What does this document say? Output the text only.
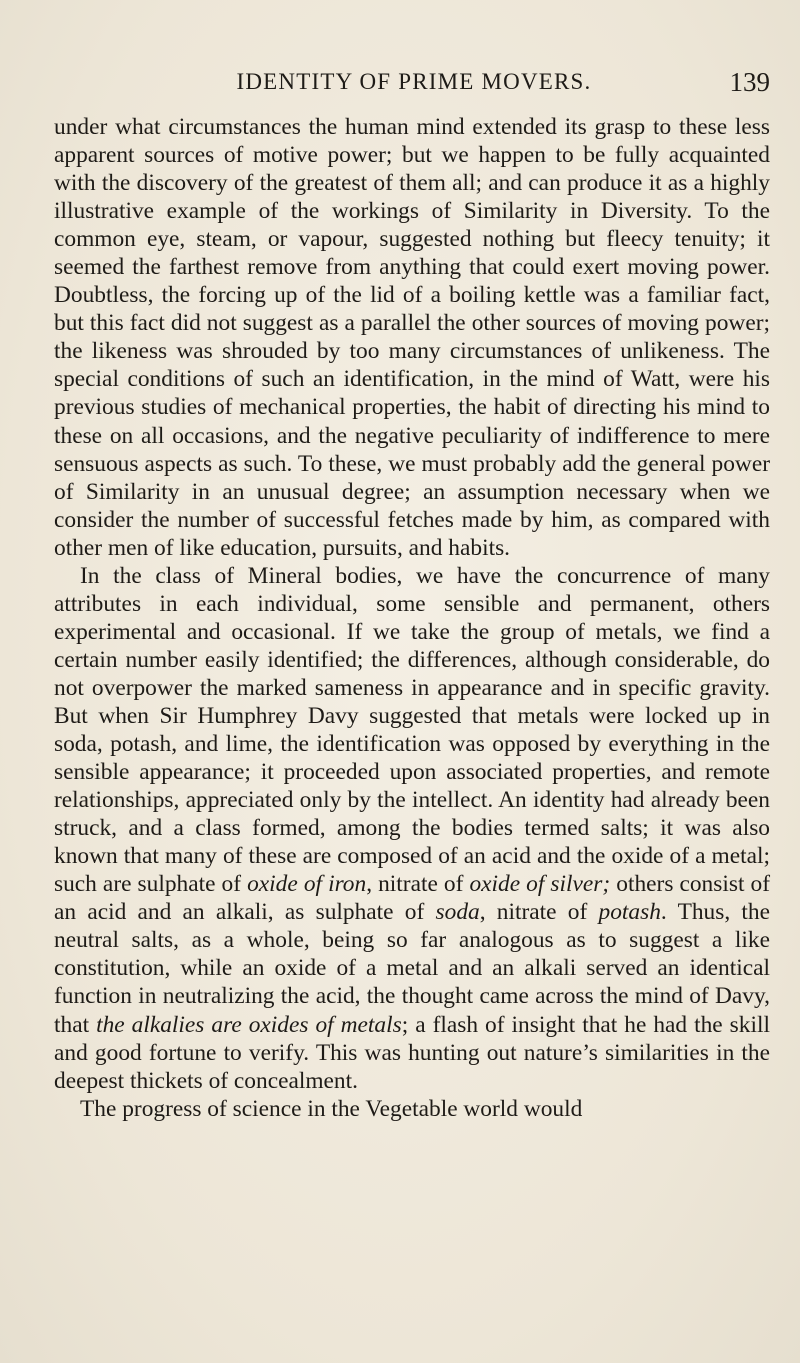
IDENTITY OF PRIME MOVERS.	139

under what circumstances the human mind extended its grasp to these less apparent sources of motive power; but we happen to be fully acquainted with the discovery of the greatest of them all; and can produce it as a highly illustrative example of the workings of Similarity in Diversity. To the common eye, steam, or vapour, suggested nothing but fleecy tenuity; it seemed the farthest remove from anything that could exert moving power. Doubtless, the forcing up of the lid of a boiling kettle was a familiar fact, but this fact did not suggest as a parallel the other sources of moving power; the likeness was shrouded by too many circumstances of unlikeness. The special conditions of such an identification, in the mind of Watt, were his previous studies of mechanical properties, the habit of directing his mind to these on all occasions, and the negative peculiarity of indifference to mere sensuous aspects as such. To these, we must probably add the general power of Similarity in an unusual degree; an assumption necessary when we consider the number of successful fetches made by him, as compared with other men of like education, pursuits, and habits.

In the class of Mineral bodies, we have the concurrence of many attributes in each individual, some sensible and permanent, others experimental and occasional. If we take the group of metals, we find a certain number easily identified; the differences, although considerable, do not overpower the marked sameness in appearance and in specific gravity. But when Sir Humphrey Davy suggested that metals were locked up in soda, potash, and lime, the identification was opposed by everything in the sensible appearance; it proceeded upon associated properties, and remote relationships, appreciated only by the intellect. An identity had already been struck, and a class formed, among the bodies termed salts; it was also known that many of these are composed of an acid and the oxide of a metal; such are sulphate of oxide of iron, nitrate of oxide of silver; others consist of an acid and an alkali, as sulphate of soda, nitrate of potash. Thus, the neutral salts, as a whole, being so far analogous as to suggest a like constitution, while an oxide of a metal and an alkali served an identical function in neutralizing the acid, the thought came across the mind of Davy, that the alkalies are oxides of metals; a flash of insight that he had the skill and good fortune to verify. This was hunting out nature’s similarities in the deepest thickets of concealment.

The progress of science in the Vegetable world would
